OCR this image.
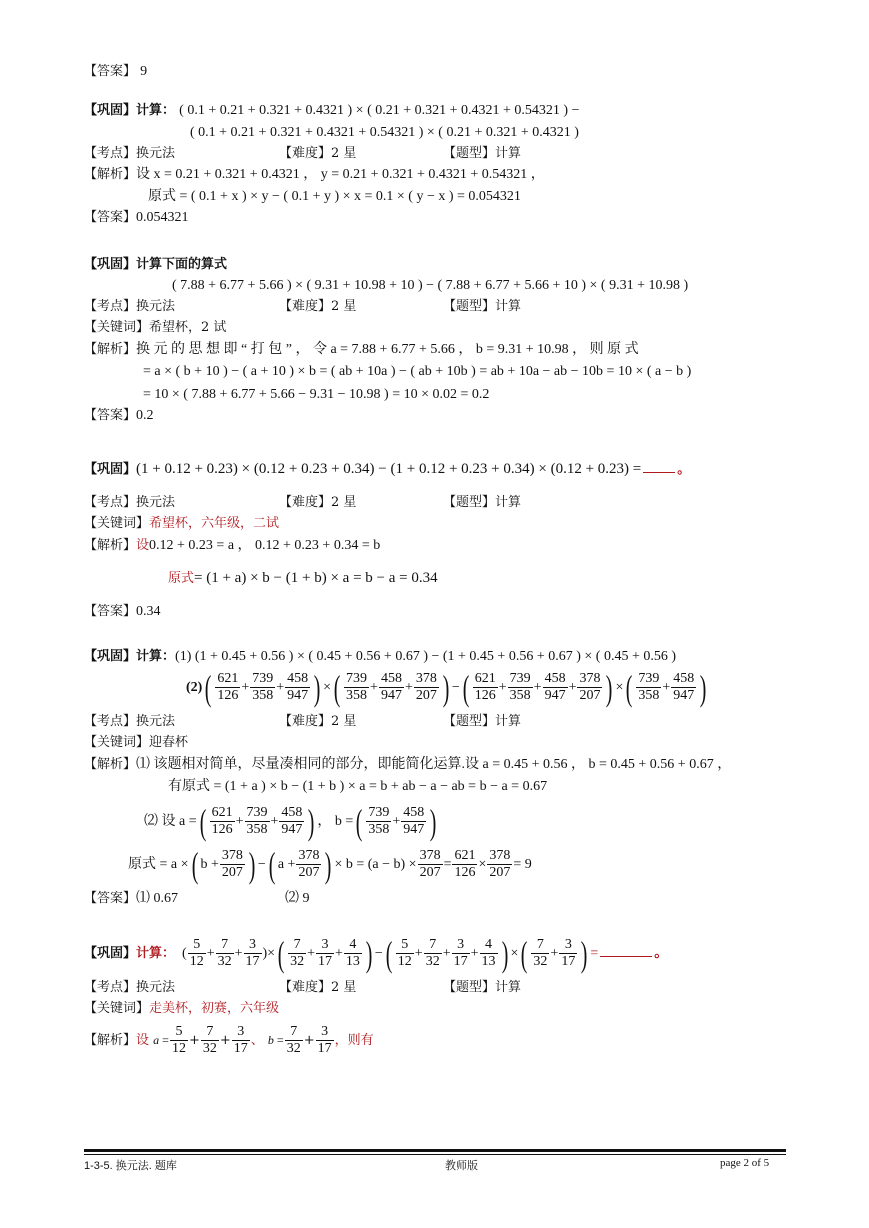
【答案】 9
【巩固】计算： ( 0.1 + 0.21 + 0.321 + 0.4321 ) × ( 0.21 + 0.321 + 0.4321 + 0.54321 ) −
( 0.1 + 0.21 + 0.321 + 0.4321 + 0.54321 ) × ( 0.21 + 0.321 + 0.4321 )
【考点】换元法	【难度】2 星	【题型】计算
【解析】设 x = 0.21 + 0.321 + 0.4321 ， y = 0.21 + 0.321 + 0.4321 + 0.54321 ，
原式 = ( 0.1 + x ) × y − ( 0.1 + y ) × x = 0.1 × ( y − x ) = 0.054321
【答案】0.054321
【巩固】计算下面的算式
( 7.88 + 6.77 + 5.66 ) × ( 9.31 + 10.98 + 10 ) − ( 7.88 + 6.77 + 5.66 + 10 ) × ( 9.31 + 10.98 )
【考点】换元法	【难度】2 星	【题型】计算
【关键词】希望杯，2 试
【解析】换 元 的 思 想 即 “ 打 包 ” ， 令 a = 7.88 + 6.77 + 5.66 ， b = 9.31 + 10.98 ， 则 原 式
= a × ( b + 10 ) − ( a + 10 ) × b = ( ab + 10a ) − ( ab + 10b ) = ab + 10a − ab − 10b = 10 × ( a − b )
= 10 × ( 7.88 + 6.77 + 5.66 − 9.31 − 10.98 ) = 10 × 0.02 = 0.2
【答案】0.2
【巩固】(1 + 0.12 + 0.23) × (0.12 + 0.23 + 0.34) − (1 + 0.12 + 0.23 + 0.34) × (0.12 + 0.23) =	。
【考点】换元法	【难度】2 星	【题型】计算
【关键词】希望杯，六年级，二试
【解析】设0.12 + 0.23 = a ， 0.12 + 0.23 + 0.34 = b
原式= (1 + a) × b − (1 + b) × a = b − a = 0.34
【答案】0.34
【巩固】计算：(1) (1 + 0.45 + 0.56 ) × ( 0.45 + 0.56 + 0.67 ) − (1 + 0.45 + 0.56 + 0.67 ) × ( 0.45 + 0.56 )
$(2)( \frac{621}{126} + \frac{739}{358} + \frac{458}{947}$ ) ×( $\frac{739}{358} + \frac{458}{947} + \frac{378}{207}$ ) −( $\frac{621}{126} + \frac{739}{358} + \frac{458}{947} + \frac{378}{207}$ ) ×( $\frac{739}{358} + \frac{458}{947}$ )
【考点】换元法	【难度】2 星	【题型】计算
【关键词】迎春杯
【解析】⑴ 该题相对简单，尽量凑相同的部分，即能简化运算.设 a = 0.45 + 0.56 ， b = 0.45 + 0.56 + 0.67 ，
有原式 = (1 + a ) × b − (1 + b ) × a = b + ab − a − ab = b − a = 0.67
⑵ 设 a =( $\frac{621}{126} + \frac{739}{358} + \frac{458}{947}$ ) ， b =( $\frac{739}{358} + \frac{458}{947}$ )
原式 = a ×( $b + \frac{378}{207}$ ) −( $a + \frac{378}{207}$ ) × $b = (a - b) \times \frac{378}{207} = \frac{621}{126} \times \frac{378}{207} = 9$
【答案】⑴ 0.67	⑵ 9
【巩固】计算：  ( $\frac{5}{12} + \frac{7}{32} + \frac{3}{17}$ )×( $\frac{7}{32} + \frac{3}{17} + \frac{4}{13}$ ) −( $\frac{5}{12} + \frac{7}{32} + \frac{3}{17} + \frac{4}{13}$ ) ×( $\frac{7}{32} + \frac{3}{17}$ ) =	。
【考点】换元法	【难度】2 星	【题型】计算
【关键词】走美杯，初赛，六年级
【解析】设 $a = \frac{5}{12} + \frac{7}{32} + \frac{3}{17}$ 、 $b = \frac{7}{32} + \frac{3}{17}$ ，则有
1-3-5. 换元法. 题库	教师版	page 2 of 5
